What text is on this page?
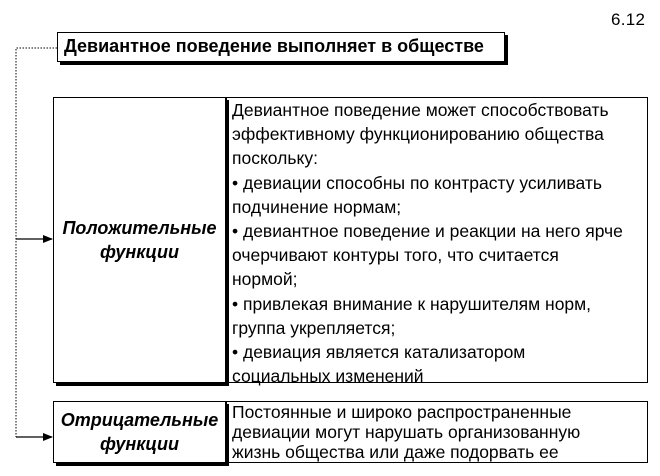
6.12
Девиантное поведение выполняет в обществе
Положительные
функции
Девиантное поведение может способствовать
эффективному функционированию общества
поскольку:
• девиации способны по контрасту усиливать
подчинение нормам;
• девиантное поведение и реакции на него ярче
очерчивают контуры того, что считается
нормой;
• привлекая внимание к нарушителям норм,
группа укрепляется;
• девиация является катализатором
социальных изменений
Отрицательные
функции
Постоянные и широко распространенные
девиации могут нарушать организованную
жизнь общества или даже подорвать ее
